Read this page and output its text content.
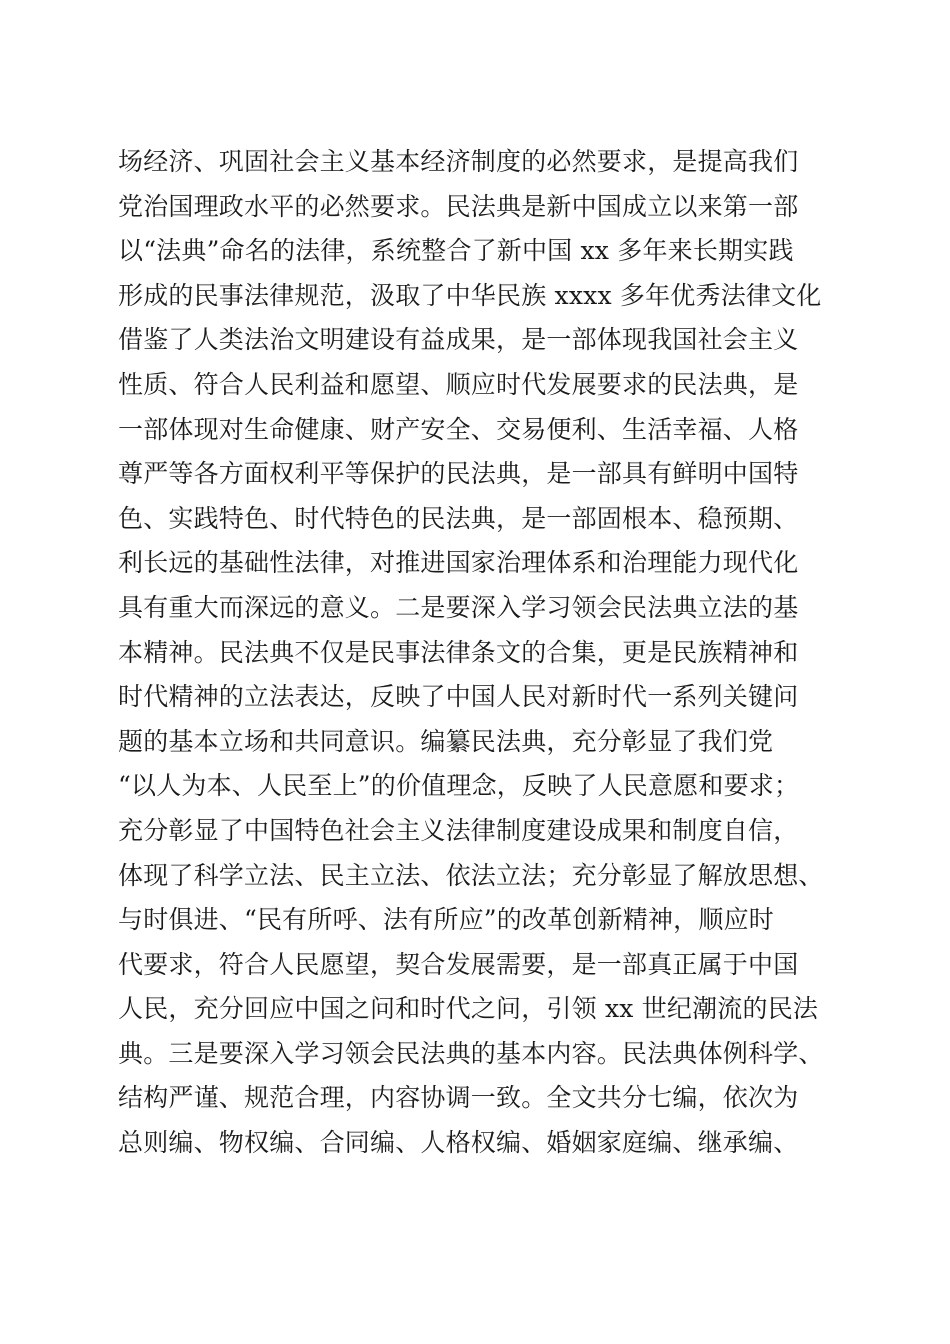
场经济、巩固社会主义基本经济制度的必然要求，是提高我们
党治国理政水平的必然要求。民法典是新中国成立以来第一部
以“法典”命名的法律，系统整合了新中国 xx 多年来长期实践
形成的民事法律规范，汲取了中华民族 xxxx 多年优秀法律文化
借鉴了人类法治文明建设有益成果，是一部体现我国社会主义
性质、符合人民利益和愿望、顺应时代发展要求的民法典，是
一部体现对生命健康、财产安全、交易便利、生活幸福、人格
尊严等各方面权利平等保护的民法典，是一部具有鲜明中国特
色、实践特色、时代特色的民法典，是一部固根本、稳预期、
利长远的基础性法律，对推进国家治理体系和治理能力现代化
具有重大而深远的意义。二是要深入学习领会民法典立法的基
本精神。民法典不仅是民事法律条文的合集，更是民族精神和
时代精神的立法表达，反映了中国人民对新时代一系列关键问
题的基本立场和共同意识。编纂民法典，充分彰显了我们党
“以人为本、人民至上”的价值理念，反映了人民意愿和要求；
充分彰显了中国特色社会主义法律制度建设成果和制度自信，
体现了科学立法、民主立法、依法立法；充分彰显了解放思想、
与时俱进、“民有所呼、法有所应”的改革创新精神，顺应时
代要求，符合人民愿望，契合发展需要，是一部真正属于中国
人民，充分回应中国之问和时代之问，引领 xx 世纪潮流的民法
典。三是要深入学习领会民法典的基本内容。民法典体例科学、
结构严谨、规范合理，内容协调一致。全文共分七编，依次为
总则编、物权编、合同编、人格权编、婚姻家庭编、继承编、
